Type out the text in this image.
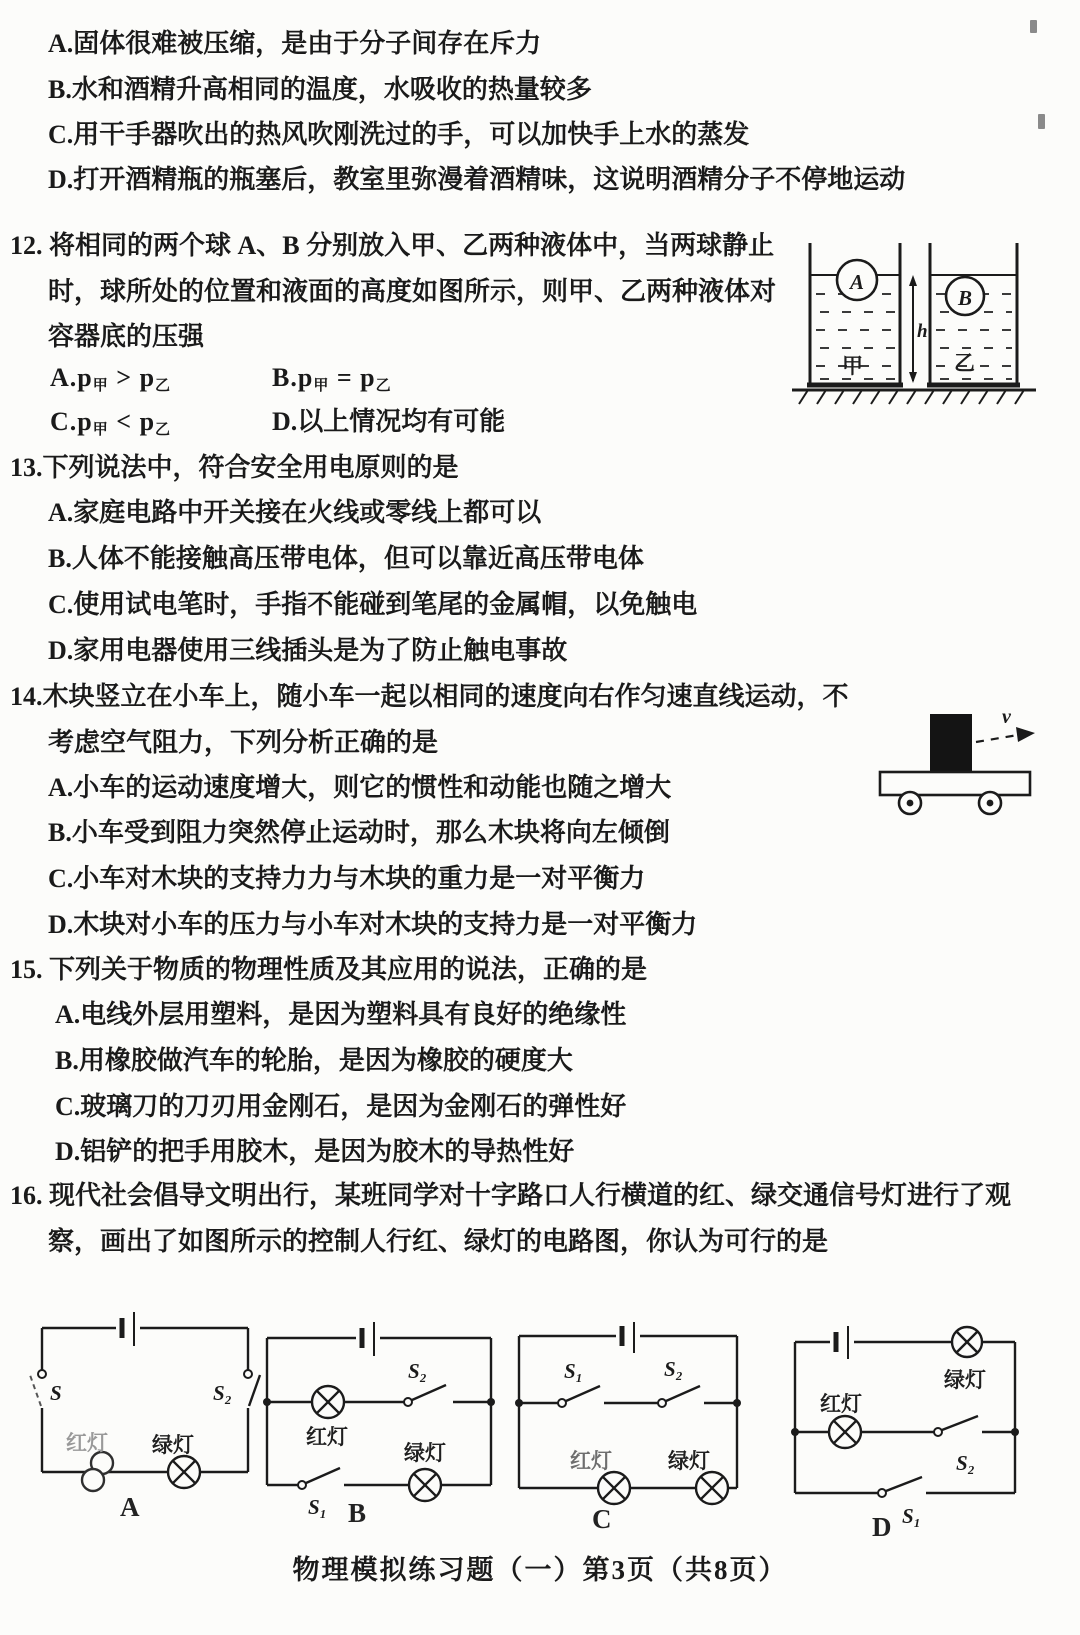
A.固体很难被压缩，是由于分子间存在斥力
B.水和酒精升高相同的温度，水吸收的热量较多
C.用干手器吹出的热风吹刚洗过的手，可以加快手上水的蒸发
D.打开酒精瓶的瓶塞后，教室里弥漫着酒精味，这说明酒精分子不停地运动
12. 将相同的两个球 A、B 分别放入甲、乙两种液体中，当两球静止
时，球所处的位置和液面的高度如图所示，则甲、乙两种液体对
容器底的压强
$A.p_甲 > p_乙$	$B.p_甲 = p_乙$
$C.p_甲 < p_乙$	D.以上情况均有可能
A
B
h
甲	乙
13.下列说法中，符合安全用电原则的是
A.家庭电路中开关接在火线或零线上都可以
B.人体不能接触高压带电体，但可以靠近高压带电体
C.使用试电笔时，手指不能碰到笔尾的金属帽，以免触电
D.家用电器使用三线插头是为了防止触电事故
14.木块竖立在小车上，随小车一起以相同的速度向右作匀速直线运动，不
考虑空气阻力，下列分析正确的是
A.小车的运动速度增大，则它的惯性和动能也随之增大
B.小车受到阻力突然停止运动时，那么木块将向左倾倒
C.小车对木块的支持力力与木块的重力是一对平衡力
D.木块对小车的压力与小车对木块的支持力是一对平衡力
v
15. 下列关于物质的物理性质及其应用的说法，正确的是
A.电线外层用塑料，是因为塑料具有良好的绝缘性
B.用橡胶做汽车的轮胎，是因为橡胶的硬度大
C.玻璃刀的刀刃用金刚石，是因为金刚石的弹性好
D.铝铲的把手用胶木，是因为胶木的导热性好
16. 现代社会倡导文明出行，某班同学对十字路口人行横道的红、绿交通信号灯进行了观
察，画出了如图所示的控制人行红、绿灯的电路图，你认为可行的是
S	S₂
红灯 绿灯
S₂
红灯
S₁
绿灯
S₁	S₂
红灯	绿灯
绿灯
红灯
S₂
S₁
A	B	C	D
物理模拟练习题（一）第3页（共8页）
